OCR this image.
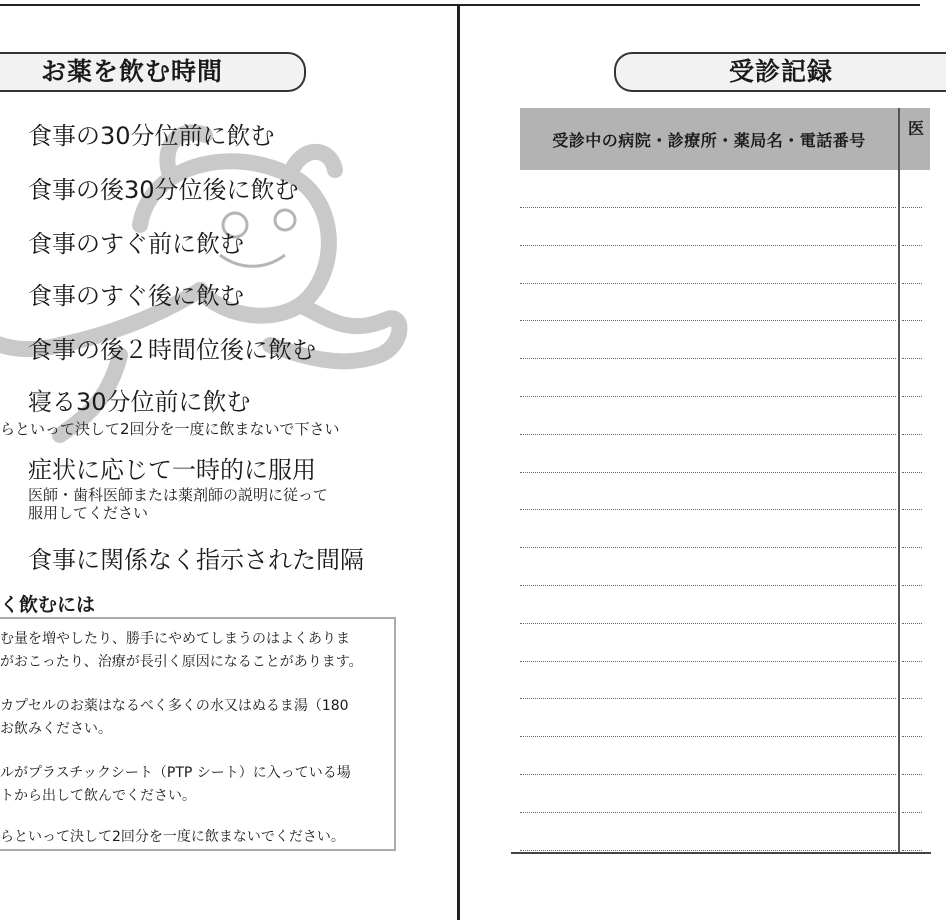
お薬を飲む時間
食事の30分位前に飲む
食事の後30分位後に飲む
食事のすぐ前に飲む
食事のすぐ後に飲む
食事の後２時間位後に飲む
寝る30分位前に飲む
らといって決して2回分を一度に飲まないで下さい
症状に応じて一時的に服用
医師・歯科医師または薬剤師の説明に従って
服用してください
食事に関係なく指示された間隔
く飲むには
む量を増やしたり、勝手にやめてしまうのはよくありま
がおこったり、治療が長引く原因になることがあります。
カプセルのお薬はなるべく多くの水又はぬるま湯（180
お飲みください。
ルがプラスチックシート（PTP シート）に入っている場
トから出して飲んでください。
らといって決して2回分を一度に飲まないでください。
受診記録
受診中の病院・診療所・薬局名・電話番号
医
